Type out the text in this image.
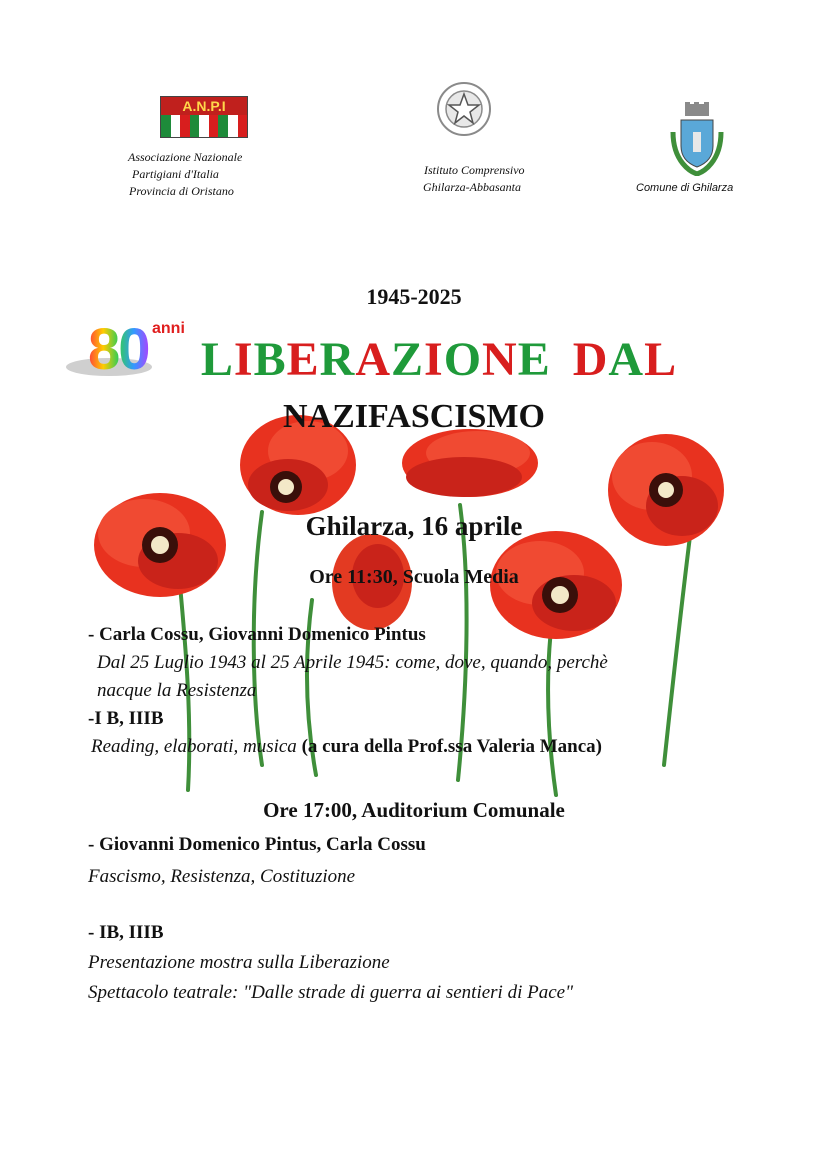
A.N.P.I
Associazione Nazionale
Partigiani d'Italia
Provincia di Oristano
Istituto Comprensivo
Ghilarza-Abbasanta	Comune di Ghilarza
1945-2025
80 anni
LIBERAZIONE DAL
NAZIFASCISMO
Ghilarza, 16 aprile
Ore 11:30, Scuola Media
- Carla Cossu, Giovanni Domenico Pintus
Dal 25 Luglio 1943 al 25 Aprile 1945: come, dove, quando, perchè
nacque la Resistenza
-I B, IIIB
Reading, elaborati, musica (a cura della Prof.ssa Valeria Manca)
Ore 17:00, Auditorium Comunale
- Giovanni Domenico Pintus, Carla Cossu
Fascismo, Resistenza, Costituzione
- IB, IIIB
Presentazione mostra sulla Liberazione
Spettacolo teatrale: "Dalle strade di guerra ai sentieri di Pace"
